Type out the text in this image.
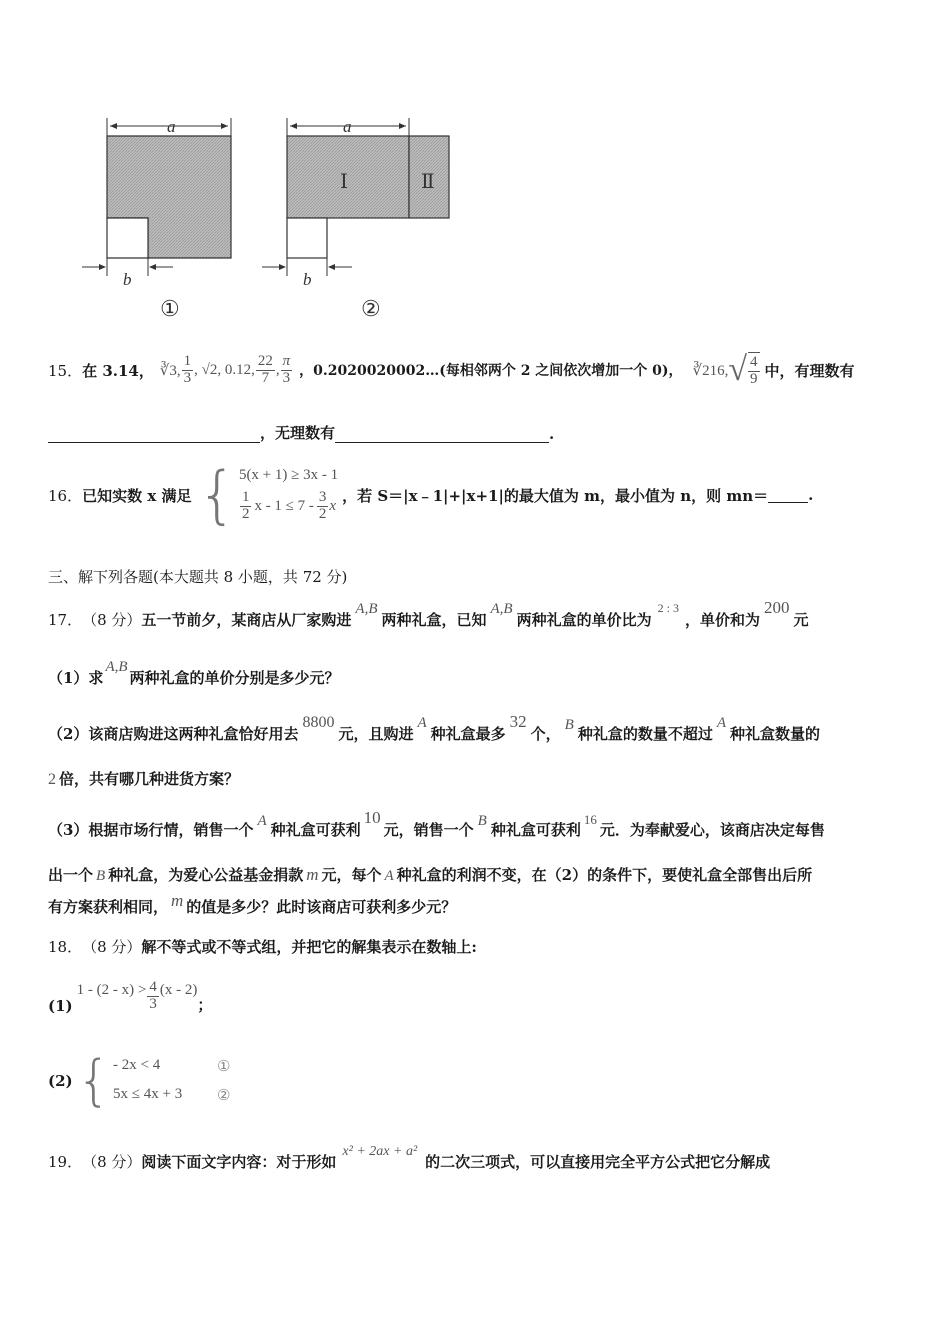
a
b
①
a
Ⅰ	Ⅱ
b
②
15． 在 3.14， ∛3, $\frac{1}{3}$ , √2, 0.12, $\frac{22}{7}$ , $\frac{\pi}{3}$ ，0.2020020002…(每相邻两个 2 之间依次增加一个 0)， ∛216, √ $\frac{4}{9}$ 中，有理数有
，无理数有	.
16． 已知实数 x 满足 { 5(x + 1) ≥ 3x - 1
$\frac{1}{2}$ $x - 1 \le 7 - \frac{3}{2}$ x
，若 S＝|x﹣1|+|x+1|的最大值为 m，最小值为 n，则 mn＝	.
三、解下列各题(本大题共 8 小题，共 72 分)
17． （8 分） 五一节前夕，某商店从厂家购进
A,B
两种礼盒，已知
A,B
两种礼盒的单价比为
2 : 3
，单价和为
200
元
（1）求
A,B
两种礼盒的单价分别是多少元？
（2）该商店购进这两种礼盒恰好用去
8800
元，且购进
A
种礼盒最多
32
个， B 种礼盒的数量不超过
A
种礼盒数量的
2 倍，共有哪几种进货方案？
（3）根据市场行情，销售一个 A 种礼盒可获利
10
元，销售一个 B 种礼盒可获利
16
元．为奉献爱心，该商店决定每售
出一个 B 种礼盒，为爱心公益基金捐款 m 元，每个 A 种礼盒的利润不变，在（2）的条件下，要使礼盒全部售出后所
有方案获利相同， m 的值是多少？此时该商店可获利多少元？
18． （8 分） 解不等式或不等式组，并把它的解集表示在数轴上:
(1)
$1 - (2 - x) > \frac{4}{3} (x - 2)$
；
(2) { - 2x < 4	①
5x ≤ 4x + 3	②
19． （8 分） 阅读下面文字内容：对于形如
x² + 2ax + a²
的二次三项式，可以直接用完全平方公式把它分解成
